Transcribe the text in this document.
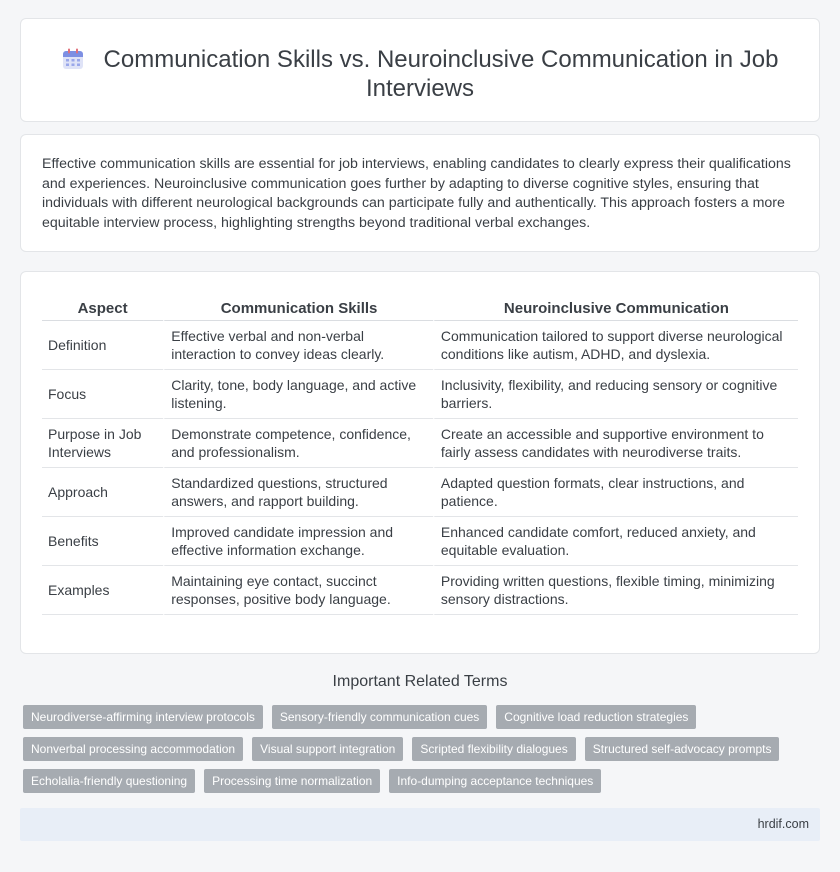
Communication Skills vs. Neuroinclusive Communication in Job Interviews
Effective communication skills are essential for job interviews, enabling candidates to clearly express their qualifications and experiences. Neuroinclusive communication goes further by adapting to diverse cognitive styles, ensuring that individuals with different neurological backgrounds can participate fully and authentically. This approach fosters a more equitable interview process, highlighting strengths beyond traditional verbal exchanges.
Aspect	Communication Skills	Neuroinclusive Communication
Definition	Effective verbal and non-verbal interaction to convey ideas clearly.	Communication tailored to support diverse neurological conditions like autism, ADHD, and dyslexia.
Focus	Clarity, tone, body language, and active listening.	Inclusivity, flexibility, and reducing sensory or cognitive barriers.
Purpose in Job Interviews	Demonstrate competence, confidence, and professionalism.	Create an accessible and supportive environment to fairly assess candidates with neurodiverse traits.
Approach	Standardized questions, structured answers, and rapport building.	Adapted question formats, clear instructions, and patience.
Benefits	Improved candidate impression and effective information exchange.	Enhanced candidate comfort, reduced anxiety, and equitable evaluation.
Examples	Maintaining eye contact, succinct responses, positive body language.	Providing written questions, flexible timing, minimizing sensory distractions.
Important Related Terms
Neurodiverse-affirming interview protocols	Sensory-friendly communication cues	Cognitive load reduction strategies
Nonverbal processing accommodation	Visual support integration	Scripted flexibility dialogues	Structured self-advocacy prompts
Echolalia-friendly questioning	Processing time normalization	Info-dumping acceptance techniques
hrdif.com
